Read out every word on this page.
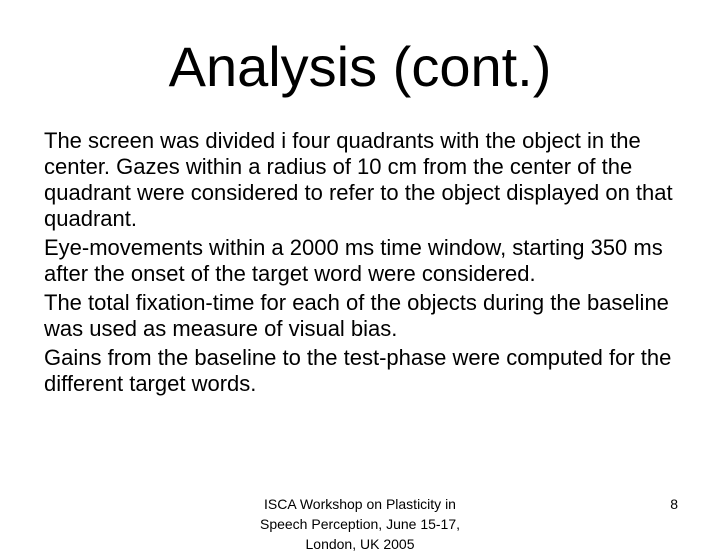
Analysis (cont.)
The screen was divided i four quadrants with the object in the center. Gazes within a radius of 10 cm from the center of the quadrant were considered to refer to the object displayed on that quadrant.
Eye-movements within a 2000 ms time window, starting 350 ms after the onset of the target word were considered.
The total fixation-time for each of the objects during the baseline was used as measure of visual bias.
Gains from the baseline to the test-phase were computed for the different target words.
ISCA Workshop on Plasticity in
Speech Perception, June 15-17,
London, UK 2005
8
